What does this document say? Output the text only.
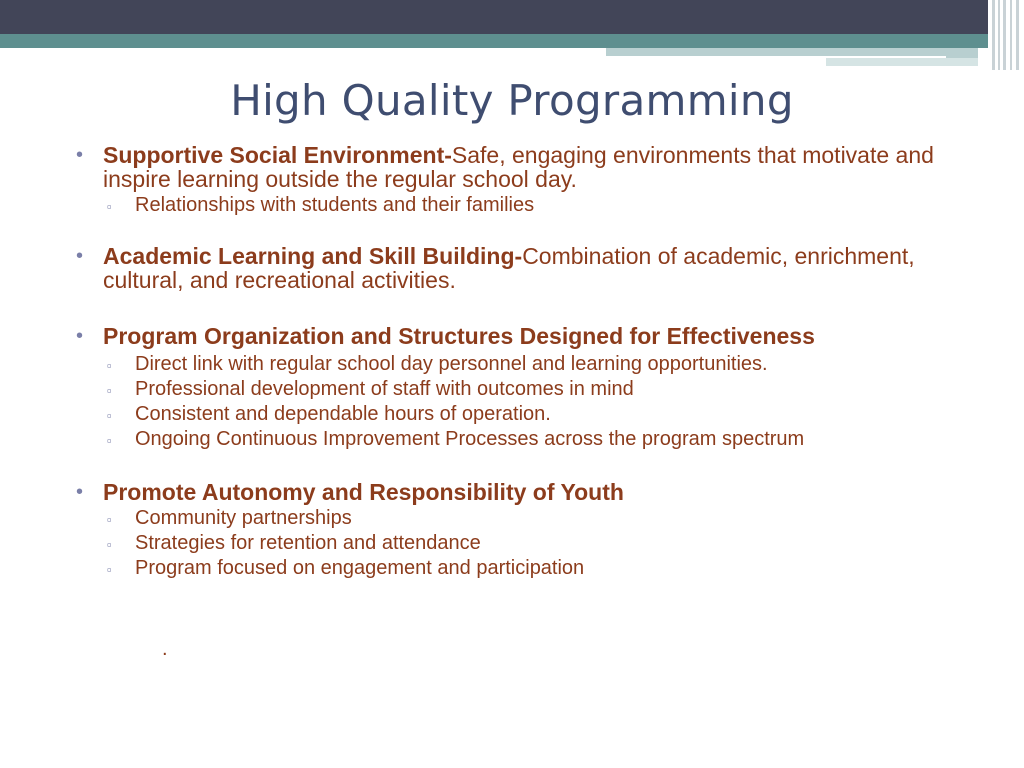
High Quality Programming

• Supportive Social Environment-Safe, engaging environments that motivate and inspire learning outside the regular school day.

▫ Relationships with students and their families

• Academic Learning and Skill Building-Combination of academic, enrichment, cultural, and recreational activities.

• Program Organization and Structures Designed for Effectiveness

▫ Direct link with regular school day personnel and learning opportunities.

▫ Professional development of staff with outcomes in mind

▫ Consistent and dependable hours of operation.

▫ Ongoing Continuous Improvement Processes across the program spectrum

• Promote Autonomy and Responsibility of Youth

▫ Community partnerships

▫ Strategies for retention and attendance

▫ Program focused on engagement and participation

.
